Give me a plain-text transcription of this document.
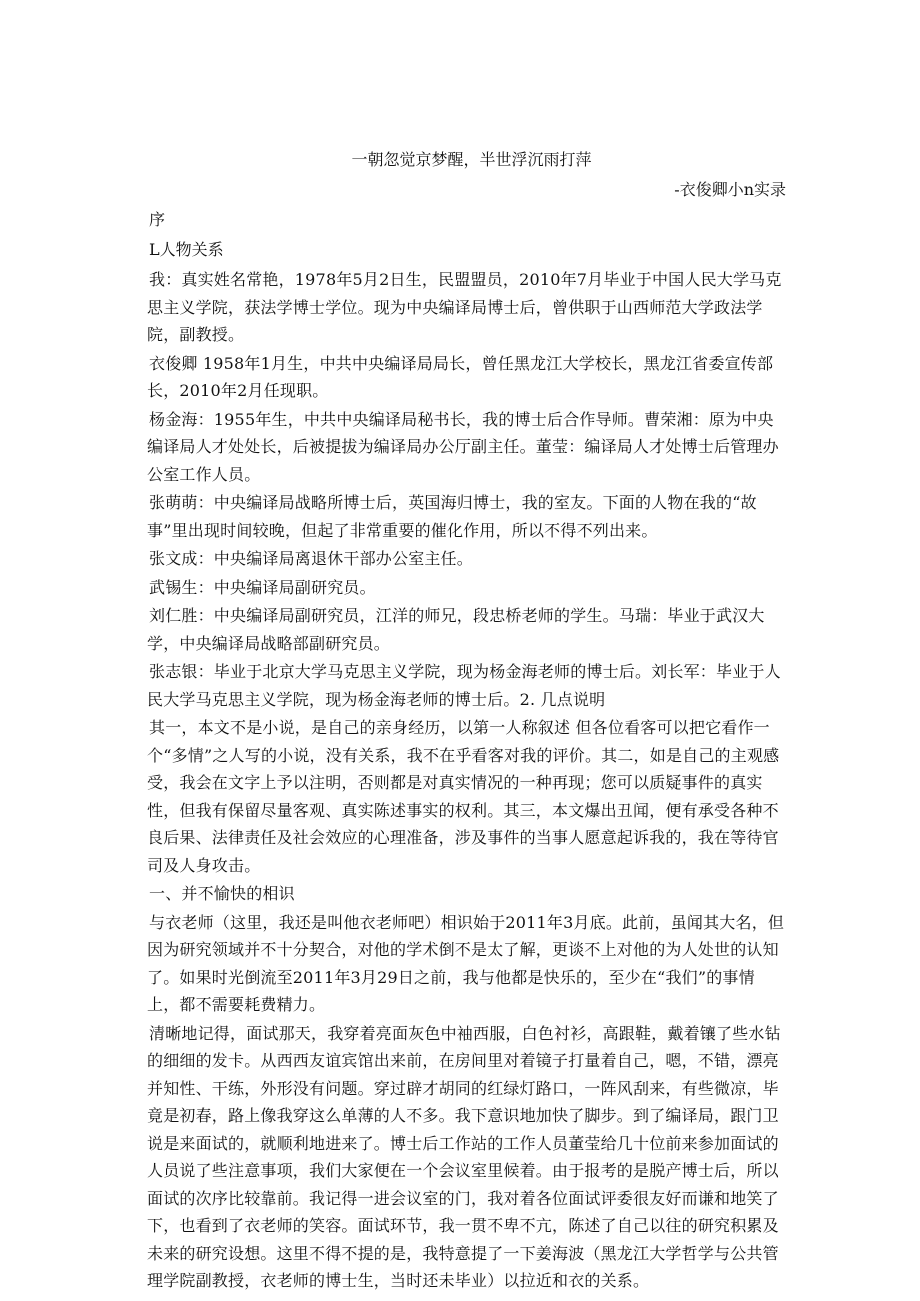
一朝忽觉京梦醒，半世浮沉雨打萍
-衣俊卿小n实录
序
L人物关系

我：真实姓名常艳，1978年5月2日生，民盟盟员，2010年7月毕业于中国人民大学马克思主义学院，获法学博士学位。现为中央编译局博士后，曾供职于山西师范大学政法学院，副教授。

衣俊卿 1958年1月生，中共中央编译局局长，曾任黑龙江大学校长，黑龙江省委宣传部长，2010年2月任现职。

杨金海：1955年生，中共中央编译局秘书长，我的博士后合作导师。曹荣湘：原为中央编译局人才处处长，后被提拔为编译局办公厅副主任。董莹：编译局人才处博士后管理办公室工作人员。

张萌萌：中央编译局战略所博士后，英国海归博士，我的室友。下面的人物在我的“故事”里出现时间较晚，但起了非常重要的催化作用，所以不得不列出来。

张文成：中央编译局离退休干部办公室主任。

武锡生：中央编译局副研究员。

刘仁胜：中央编译局副研究员，江洋的师兄，段忠桥老师的学生。马瑞：毕业于武汉大学，中央编译局战略部副研究员。

张志银：毕业于北京大学马克思主义学院，现为杨金海老师的博士后。刘长军：毕业于人民大学马克思主义学院，现为杨金海老师的博士后。2. 几点说明

其一，本文不是小说，是自己的亲身经历，以第一人称叙述 但各位看客可以把它看作一个“多情”之人写的小说，没有关系，我不在乎看客对我的评价。其二，如是自己的主观感受，我会在文字上予以注明，否则都是对真实情况的一种再现；您可以质疑事件的真实性，但我有保留尽量客观、真实陈述事实的权利。其三，本文爆出丑闻，便有承受各种不良后果、法律责任及社会效应的心理准备，涉及事件的当事人愿意起诉我的，我在等待官司及人身攻击。

一、并不愉快的相识

与衣老师（这里，我还是叫他衣老师吧）相识始于2011年3月底。此前，虽闻其大名，但因为研究领域并不十分契合，对他的学术倒不是太了解，更谈不上对他的为人处世的认知了。如果时光倒流至2011年3月29日之前，我与他都是快乐的，至少在“我们”的事情上，都不需要耗费精力。

清晰地记得，面试那天，我穿着亮面灰色中袖西服，白色衬衫，高跟鞋，戴着镶了些水钻的细细的发卡。从西西友谊宾馆出来前，在房间里对着镜子打量着自己，嗯，不错，漂亮并知性、干练，外形没有问题。穿过辟才胡同的红绿灯路口，一阵风刮来，有些微凉，毕竟是初春，路上像我穿这么单薄的人不多。我下意识地加快了脚步。到了编译局，跟门卫说是来面试的，就顺利地进来了。博士后工作站的工作人员董莹给几十位前来参加面试的人员说了些注意事项，我们大家便在一个会议室里候着。由于报考的是脱产博士后，所以面试的次序比较靠前。我记得一进会议室的门，我对着各位面试评委很友好而谦和地笑了下，也看到了衣老师的笑容。面试环节，我一贯不卑不亢，陈述了自己以往的研究积累及未来的研究设想。这里不得不提的是，我特意提了一下姜海波（黑龙江大学哲学与公共管理学院副教授，衣老师的博士生，当时还未毕业）以拉近和衣的关系。
